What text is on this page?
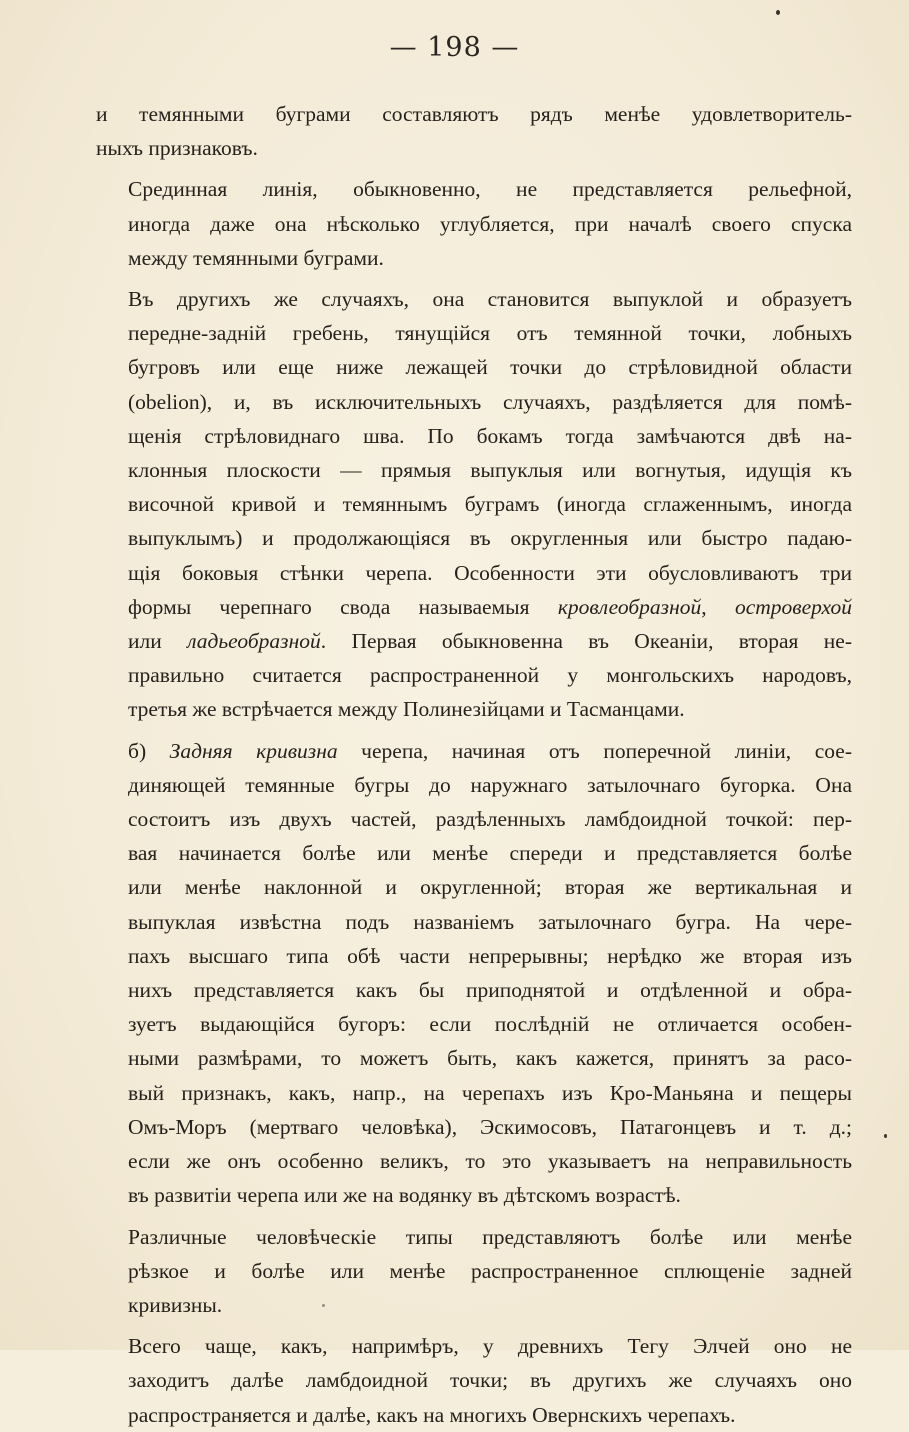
— 198 —
и темянными буграми составляютъ рядъ менѣе удовлетворитель-
ныхъ признаковъ.
Срединная линія, обыкновенно, не представляется рельефной,
иногда даже она нѣсколько углубляется, при началѣ своего спуска
между темянными буграми.
Въ другихъ же случаяхъ, она становится выпуклой и образуетъ
передне-задній гребень, тянущійся отъ темянной точки, лобныхъ
бугровъ или еще ниже лежащей точки до стрѣловидной области
(obelion), и, въ исключительныхъ случаяхъ, раздѣляется для помѣ-
щенія стрѣловиднаго шва. По бокамъ тогда замѣчаются двѣ на-
клонныя плоскости — прямыя выпуклыя или вогнутыя, идущія къ
височной кривой и темяннымъ буграмъ (иногда сглаженнымъ, иногда
выпуклымъ) и продолжающіяся въ округленныя или быстро падаю-
щія боковыя стѣнки черепа. Особенности эти обусловливаютъ три
формы черепнаго свода называемыя кровлеобразной, островерхой
или ладьеобразной. Первая обыкновенна въ Океаніи, вторая не-
правильно считается распространенной у монгольскихъ народовъ,
третья же встрѣчается между Полинезійцами и Тасманцами.
б) Задняя кривизна черепа, начиная отъ поперечной линіи, сое-
диняющей темянные бугры до наружнаго затылочнаго бугорка. Она
состоитъ изъ двухъ частей, раздѣленныхъ ламбдоидной точкой: пер-
вая начинается болѣе или менѣе спереди и представляется болѣе
или менѣе наклонной и округленной; вторая же вертикальная и
выпуклая извѣстна подъ названіемъ затылочнаго бугра. На чере-
пахъ высшаго типа обѣ части непрерывны; нерѣдко же вторая изъ
нихъ представляется какъ бы приподнятой и отдѣленной и обра-
зуетъ выдающійся бугоръ: если послѣдній не отличается особен-
ными размѣрами, то можетъ быть, какъ кажется, принятъ за расо-
вый признакъ, какъ, напр., на черепахъ изъ Кро-Маньяна и пещеры
Омъ-Моръ (мертваго человѣка), Эскимосовъ, Патагонцевъ и т. д.;
если же онъ особенно великъ, то это указываетъ на неправильность
въ развитіи черепа или же на водянку въ дѣтскомъ возрастѣ.
Различные человѣческіе типы представляютъ болѣе или менѣе
рѣзкое и болѣе или менѣе распространенное сплющеніе задней
кривизны.
Всего чаще, какъ, напримѣръ, у древнихъ Тегу Элчей оно не
заходитъ далѣе ламбдоидной точки; въ другихъ же случаяхъ оно
распространяется и далѣе, какъ на многихъ Овернскихъ черепахъ.
